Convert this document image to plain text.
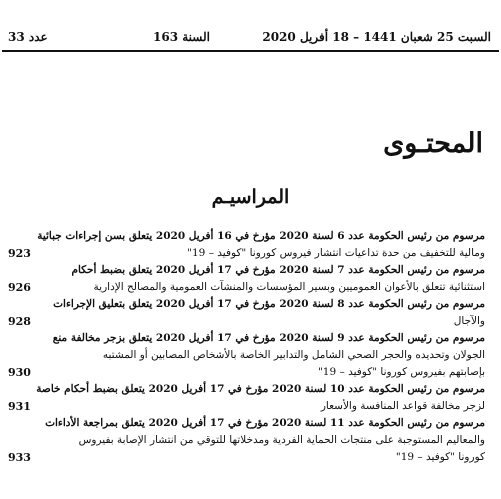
عدد 33	السنة 163	السبت 25 شعبان 1441 – 18 أفريل 2020
المحتـوى
المراسيـم
مرسوم من رئيس الحكومة عدد 6 لسنة 2020 مؤرخ في 16 أفريل 2020 يتعلق بسن إجراءات جبائية
ومالية للتخفيف من حدة تداعيات انتشار فيروس كورونا "كوفيد – 19"
923
مرسوم من رئيس الحكومة عدد 7 لسنة 2020 مؤرخ في 17 أفريل 2020 يتعلق بضبط أحكام
استثنائية تتعلق بالأعوان العموميين وبسير المؤسسات والمنشآت العمومية والمصالح الإدارية
926
مرسوم من رئيس الحكومة عدد 8 لسنة 2020 مؤرخ في 17 أفريل 2020 يتعلق بتعليق الإجراءات
والآجال
928
مرسوم من رئيس الحكومة عدد 9 لسنة 2020 مؤرخ في 17 أفريل 2020 يتعلق بزجر مخالفة منع
الجولان وتحديده والحجر الصحي الشامل والتدابير الخاصة بالأشخاص المصابين أو المشتبه
بإصابتهم بفيروس كورونا "كوفيد – 19"
930
مرسوم من رئيس الحكومة عدد 10 لسنة 2020 مؤرخ في 17 أفريل 2020 يتعلق بضبط أحكام خاصة
لزجر مخالفة قواعد المنافسة والأسعار
931
مرسوم من رئيس الحكومة عدد 11 لسنة 2020 مؤرخ في 17 أفريل 2020 يتعلق بمراجعة الأداءات
والمعاليم المستوجبة على منتجات الحماية الفردية ومدخلاتها للتوقي من انتشار الإصابة بفيروس
كورونا "كوفيد – 19"
933
